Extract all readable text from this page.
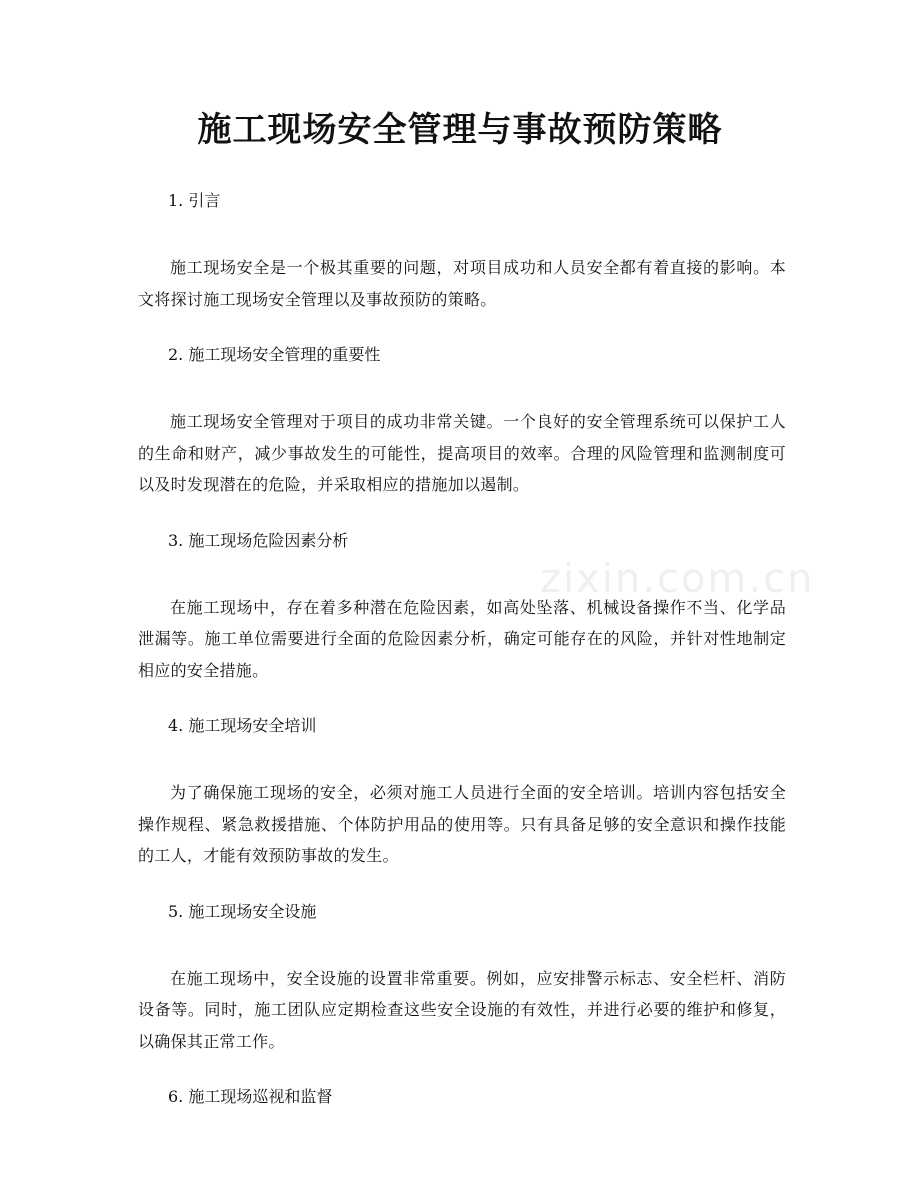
施工现场安全管理与事故预防策略
1. 引言

施工现场安全是一个极其重要的问题，对项目成功和人员安全都有着直接的影响。本文将探讨施工现场安全管理以及事故预防的策略。

2. 施工现场安全管理的重要性

施工现场安全管理对于项目的成功非常关键。一个良好的安全管理系统可以保护工人的生命和财产，减少事故发生的可能性，提高项目的效率。合理的风险管理和监测制度可以及时发现潜在的危险，并采取相应的措施加以遏制。

3. 施工现场危险因素分析

在施工现场中，存在着多种潜在危险因素，如高处坠落、机械设备操作不当、化学品泄漏等。施工单位需要进行全面的危险因素分析，确定可能存在的风险，并针对性地制定相应的安全措施。

4. 施工现场安全培训

为了确保施工现场的安全，必须对施工人员进行全面的安全培训。培训内容包括安全操作规程、紧急救援措施、个体防护用品的使用等。只有具备足够的安全意识和操作技能的工人，才能有效预防事故的发生。

5. 施工现场安全设施

在施工现场中，安全设施的设置非常重要。例如，应安排警示标志、安全栏杆、消防设备等。同时，施工团队应定期检查这些安全设施的有效性，并进行必要的维护和修复，以确保其正常工作。

6. 施工现场巡视和监督
zixin.com.cn
